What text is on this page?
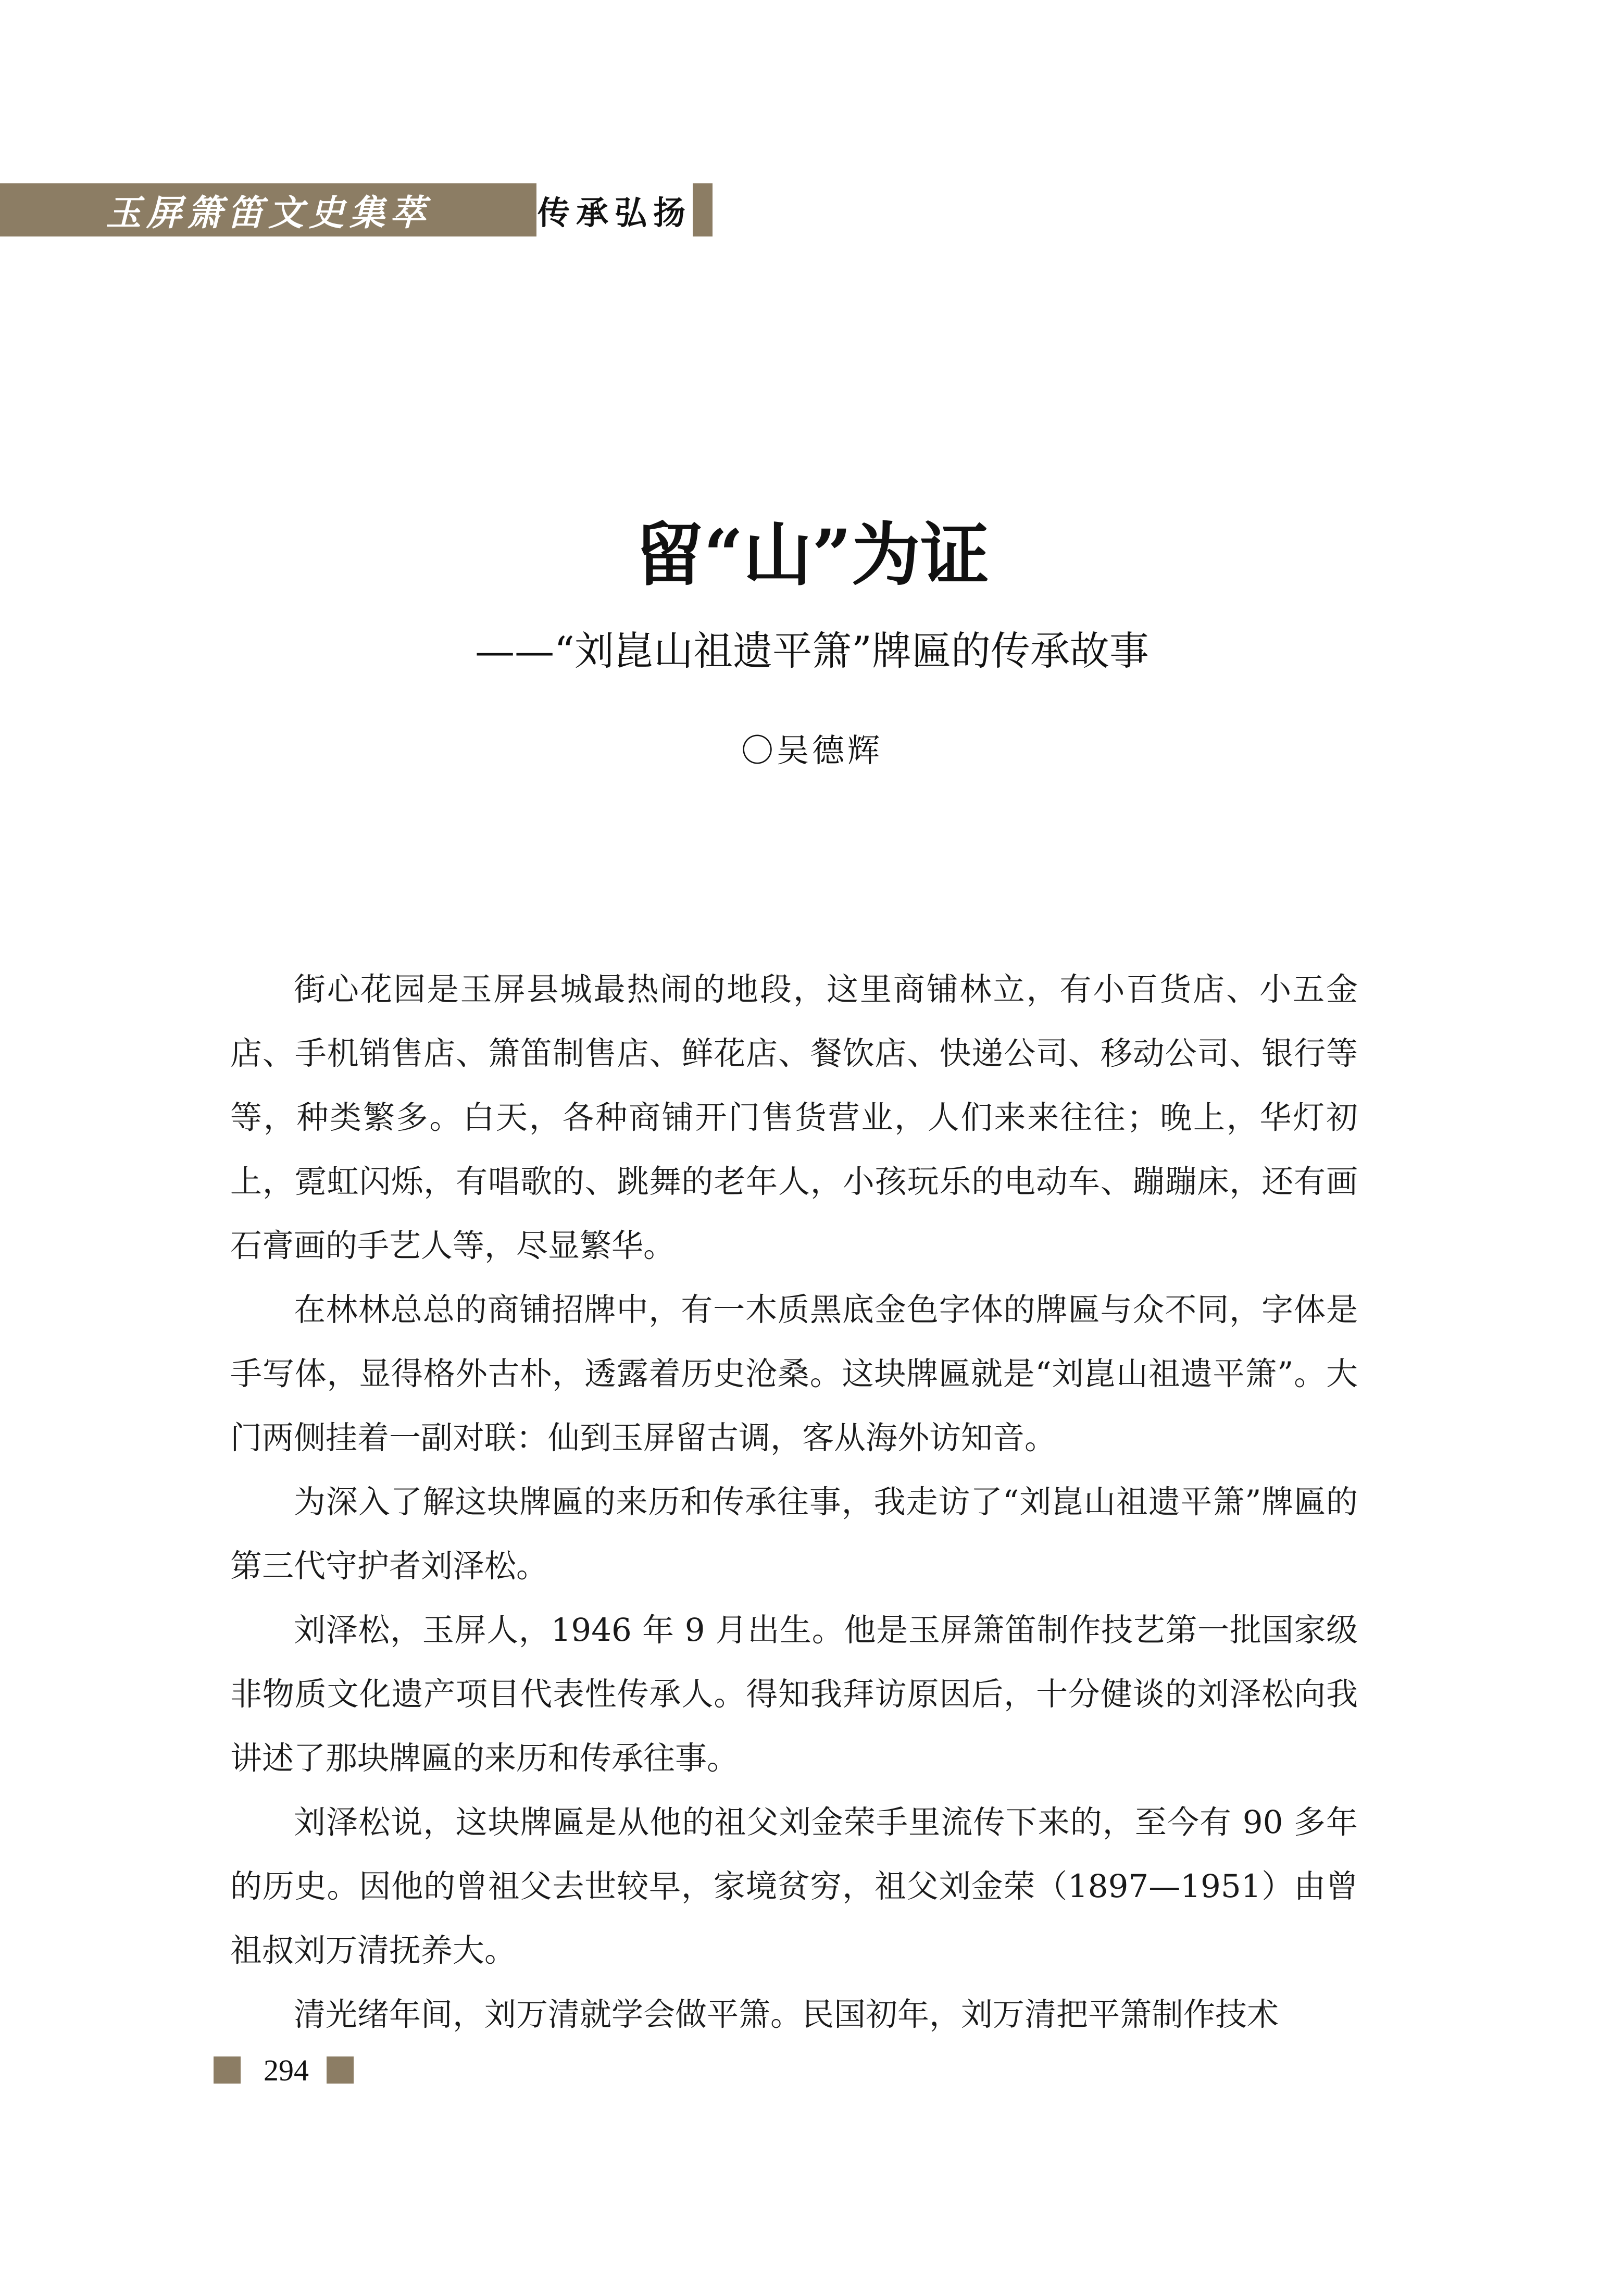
玉屏箫笛文史集萃	传承弘扬
留“山”为证
——“刘崑山祖遗平箫”牌匾的传承故事
〇吴德辉

街心花园是玉屏县城最热闹的地段，这里商铺林立，有小百货店、小五金店、手机销售店、箫笛制售店、鲜花店、餐饮店、快递公司、移动公司、银行等等，种类繁多。白天，各种商铺开门售货营业，人们来来往往；晚上，华灯初上，霓虹闪烁，有唱歌的、跳舞的老年人，小孩玩乐的电动车、蹦蹦床，还有画石膏画的手艺人等，尽显繁华。

在林林总总的商铺招牌中，有一木质黑底金色字体的牌匾与众不同，字体是手写体，显得格外古朴，透露着历史沧桑。这块牌匾就是“刘崑山祖遗平箫”。大门两侧挂着一副对联：仙到玉屏留古调，客从海外访知音。

为深入了解这块牌匾的来历和传承往事，我走访了“刘崑山祖遗平箫”牌匾的第三代守护者刘泽松。

刘泽松，玉屏人，1946 年 9 月出生。他是玉屏箫笛制作技艺第一批国家级非物质文化遗产项目代表性传承人。得知我拜访原因后，十分健谈的刘泽松向我讲述了那块牌匾的来历和传承往事。

刘泽松说，这块牌匾是从他的祖父刘金荣手里流传下来的，至今有 90 多年的历史。因他的曾祖父去世较早，家境贫穷，祖父刘金荣（1897—1951）由曾祖叔刘万清抚养大。

清光绪年间，刘万清就学会做平箫。民国初年，刘万清把平箫制作技术

294
